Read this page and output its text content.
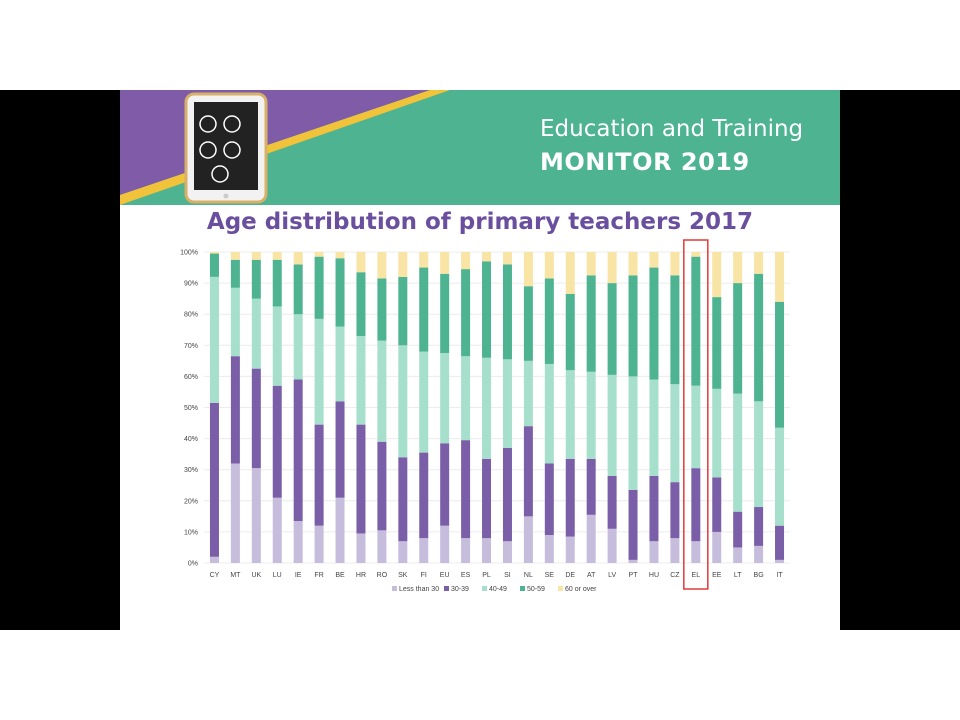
Education and Training
MONITOR 2019
Age distribution of primary teachers 2017
CY MT UK LU IE FR BE HR RO SK FI EU ES PL SI NL SE DE AT LV PT HU CZ EL EE LT BG IT
0%
10%
20%
30%
40%
50%
60%
70%
80%
90%
100%
Less than 30 30-39	40-49	50-59	60 or over
